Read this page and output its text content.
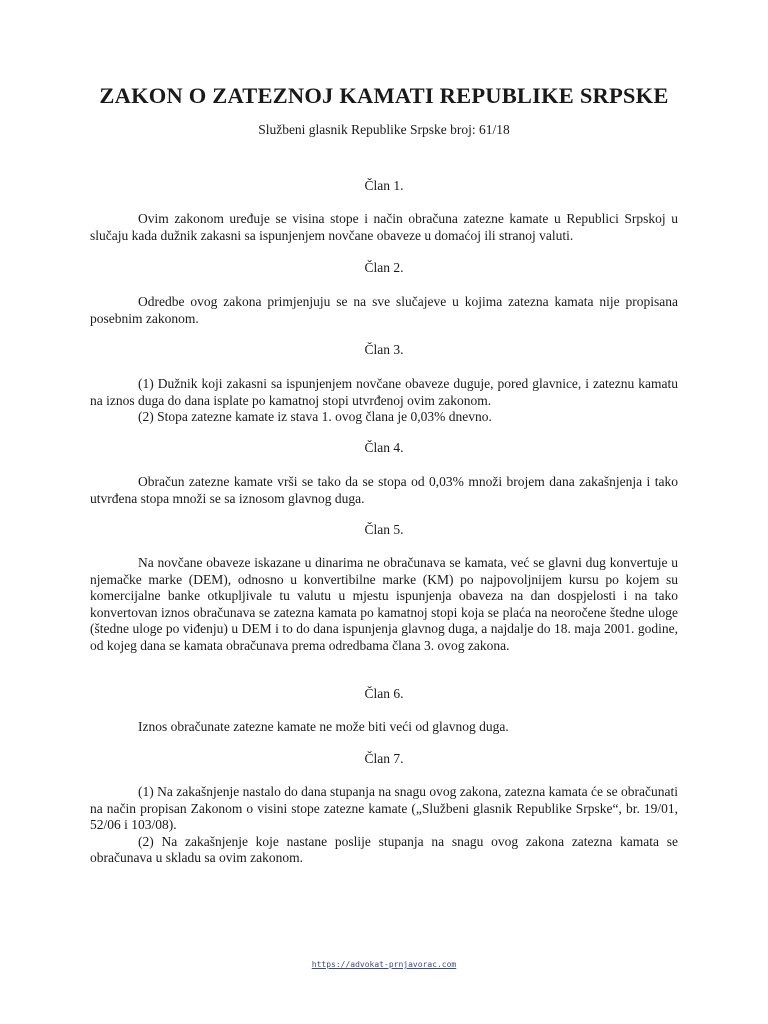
ZAKON O ZATEZNOJ KAMATI REPUBLIKE SRPSKE
Službeni glasnik Republike Srpske broj: 61/18
Član 1.

Ovim zakonom uređuje se visina stope i način obračuna zatezne kamate u Republici Srpskoj u slučaju kada dužnik zakasni sa ispunjenjem novčane obaveze u domaćoj ili stranoj valuti.

Član 2.

Odredbe ovog zakona primjenjuju se na sve slučajeve u kojima zatezna kamata nije propisana posebnim zakonom.

Član 3.

(1) Dužnik koji zakasni sa ispunjenjem novčane obaveze duguje, pored glavnice, i zateznu kamatu na iznos duga do dana isplate po kamatnoj stopi utvrđenoj ovim zakonom.

(2) Stopa zatezne kamate iz stava 1. ovog člana je 0,03% dnevno.

Član 4.

Obračun zatezne kamate vrši se tako da se stopa od 0,03% množi brojem dana zakašnjenja i tako utvrđena stopa množi se sa iznosom glavnog duga.

Član 5.

Na novčane obaveze iskazane u dinarima ne obračunava se kamata, već se glavni dug konvertuje u njemačke marke (DEM), odnosno u konvertibilne marke (KM) po najpovoljnijem kursu po kojem su komercijalne banke otkupljivale tu valutu u mjestu ispunjenja obaveza na dan dospjelosti i na tako konvertovan iznos obračunava se zatezna kamata po kamatnoj stopi koja se plaća na neoročene štedne uloge (štedne uloge po viđenju) u DEM i to do dana ispunjenja glavnog duga, a najdalje do 18. maja 2001. godine, od kojeg dana se kamata obračunava prema odredbama člana 3. ovog zakona.

Član 6.

Iznos obračunate zatezne kamate ne može biti veći od glavnog duga.

Član 7.

(1) Na zakašnjenje nastalo do dana stupanja na snagu ovog zakona, zatezna kamata će se obračunati na način propisan Zakonom o visini stope zatezne kamate („Službeni glasnik Republike Srpske“, br. 19/01, 52/06 i 103/08).

(2) Na zakašnjenje koje nastane poslije stupanja na snagu ovog zakona zatezna kamata se obračunava u skladu sa ovim zakonom.

https://advokat-prnjavorac.com
